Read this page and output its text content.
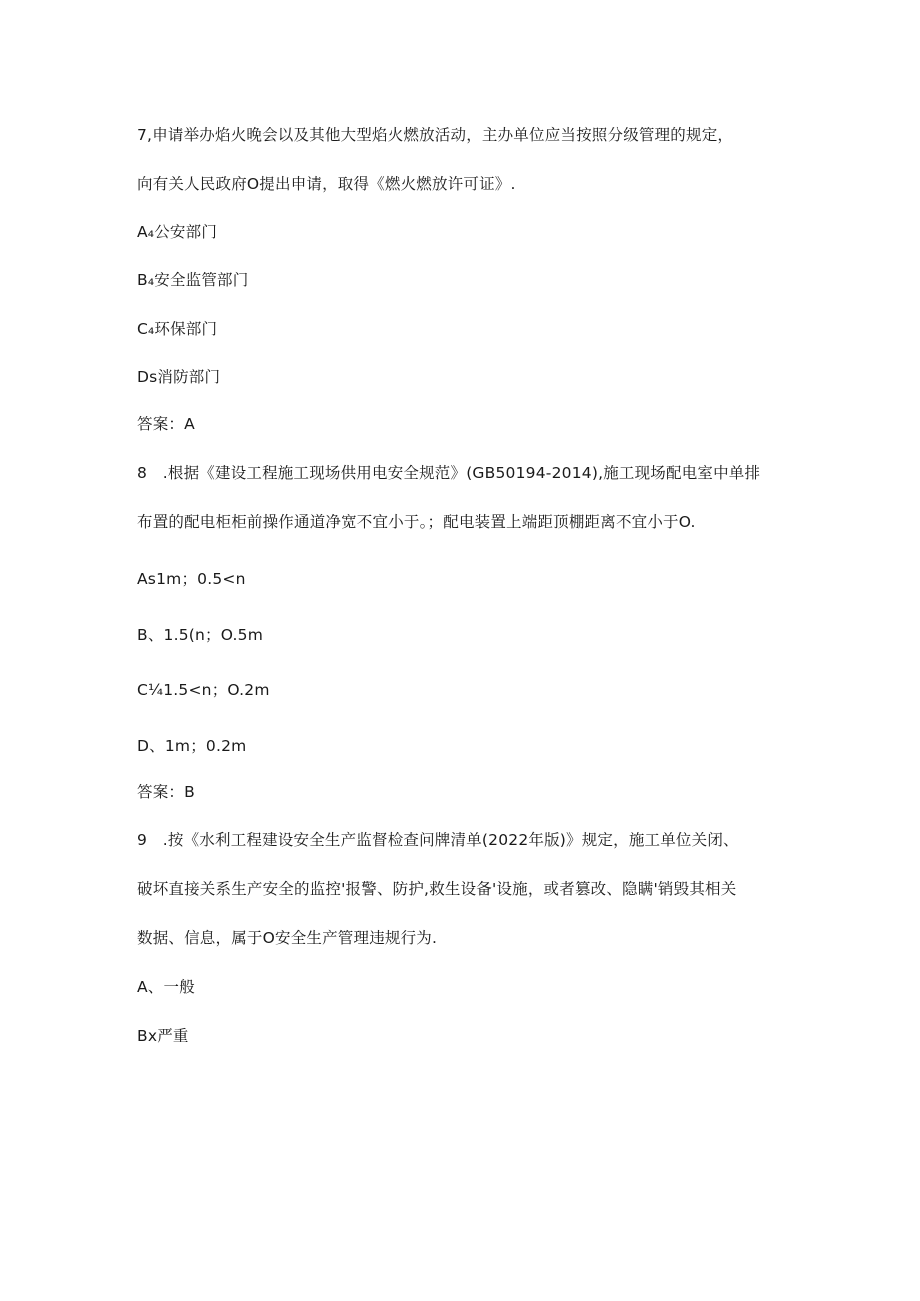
7,申请举办焰火晚会以及其他大型焰火燃放活动，主办单位应当按照分级管理的规定，
向有关人民政府O提出申请，取得《燃火燃放许可证》.
A₄公安部门
B₄安全监管部门
C₄环保部门
Ds消防部门
答案：A
8　.根据《建设工程施工现场供用电安全规范》(GB50194-2014),施工现场配电室中单排
布置的配电柜柜前操作通道净宽不宜小于。；配电装置上端距顶棚距离不宜小于O.
As1m；0.5<n
B、1.5(n；O.5m
C¼1.5<n；O.2m
D、1m；0.2m
答案：B
9　.按《水利工程建设安全生产监督检查问牌清单(2022年版)》规定，施工单位关闭、
破坏直接关系生产安全的监控'报警、防护,救生设备'设施，或者篡改、隐瞒'销毁其相关
数据、信息，属于O安全生产管理违规行为.
A、一般
Bx严重
